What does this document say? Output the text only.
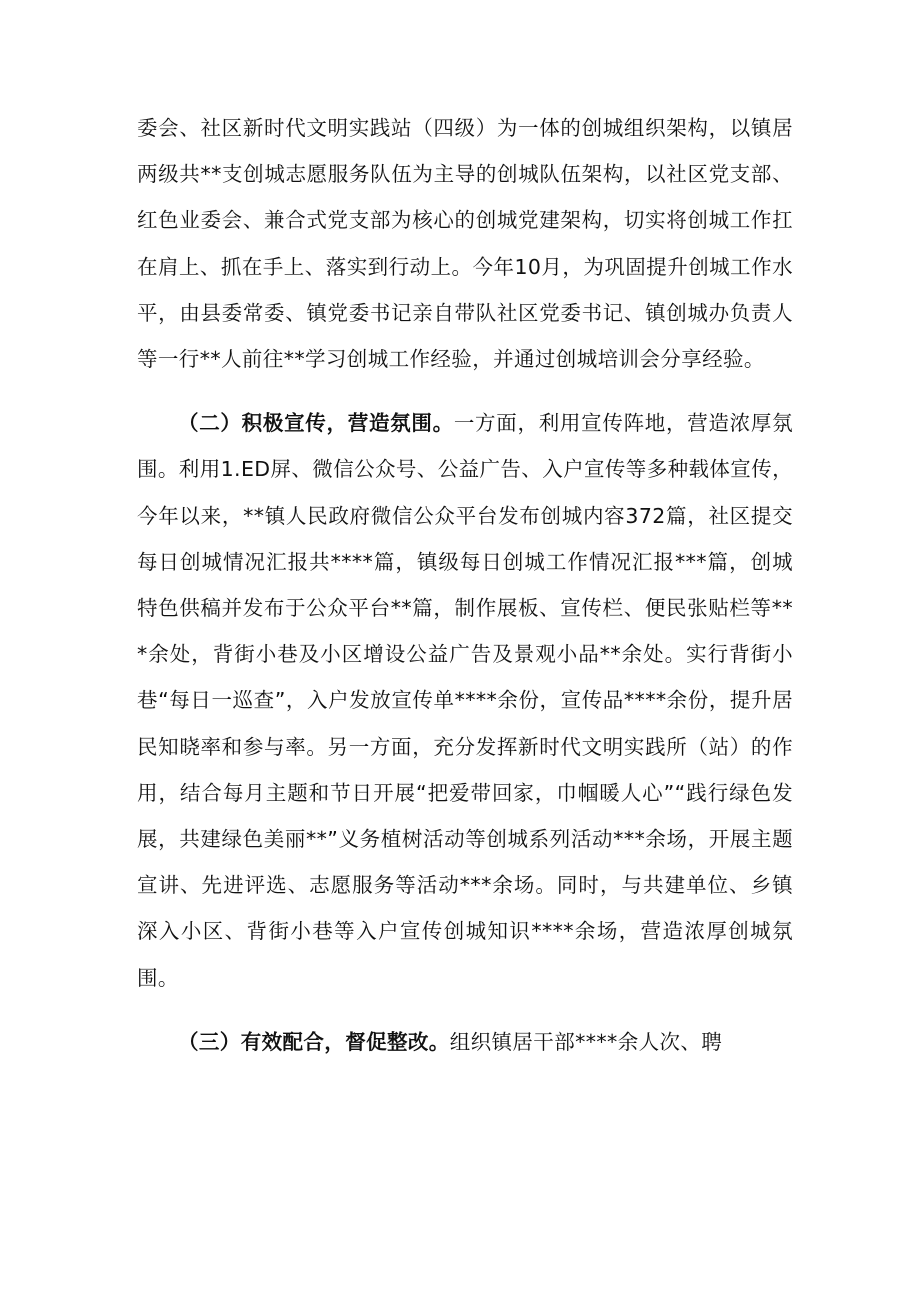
委会、社区新时代文明实践站（四级）为一体的创城组织架构，以镇居两级共**支创城志愿服务队伍为主导的创城队伍架构，以社区党支部、红色业委会、兼合式党支部为核心的创城党建架构，切实将创城工作扛在肩上、抓在手上、落实到行动上。今年10月，为巩固提升创城工作水平，由县委常委、镇党委书记亲自带队社区党委书记、镇创城办负责人等一行**人前往**学习创城工作经验，并通过创城培训会分享经验。

（二）积极宣传，营造氛围。一方面，利用宣传阵地，营造浓厚氛围。利用1.ED屏、微信公众号、公益广告、入户宣传等多种载体宣传，今年以来，**镇人民政府微信公众平台发布创城内容372篇，社区提交每日创城情况汇报共****篇，镇级每日创城工作情况汇报***篇，创城特色供稿并发布于公众平台**篇，制作展板、宣传栏、便民张贴栏等***余处，背街小巷及小区增设公益广告及景观小品**余处。实行背街小巷“每日一巡查”，入户发放宣传单****余份，宣传品****余份，提升居民知晓率和参与率。另一方面，充分发挥新时代文明实践所（站）的作用，结合每月主题和节日开展“把爱带回家，巾帼暖人心”“践行绿色发展，共建绿色美丽**”义务植树活动等创城系列活动***余场，开展主题宣讲、先进评选、志愿服务等活动***余场。同时，与共建单位、乡镇深入小区、背街小巷等入户宣传创城知识****余场，营造浓厚创城氛围。

（三）有效配合，督促整改。组织镇居干部****余人次、聘
